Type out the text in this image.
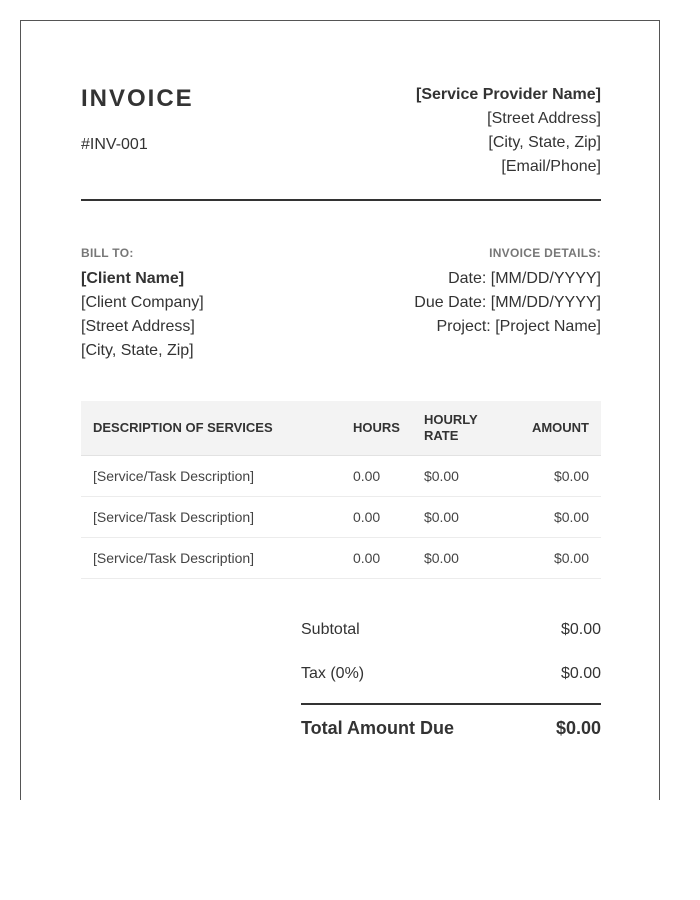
INVOICE
#INV-001
[Service Provider Name]
[Street Address]
[City, State, Zip]
[Email/Phone]
BILL TO:
[Client Name]
[Client Company]
[Street Address]
[City, State, Zip]
INVOICE DETAILS:
Date: [MM/DD/YYYY]
Due Date: [MM/DD/YYYY]
Project: [Project Name]
DESCRIPTION OF SERVICES	HOURS	HOURLY RATE	AMOUNT
[Service/Task Description]	0.00	$0.00	$0.00
[Service/Task Description]	0.00	$0.00	$0.00
[Service/Task Description]	0.00	$0.00	$0.00
Subtotal	$0.00
Tax (0%)	$0.00
Total Amount Due	$0.00
